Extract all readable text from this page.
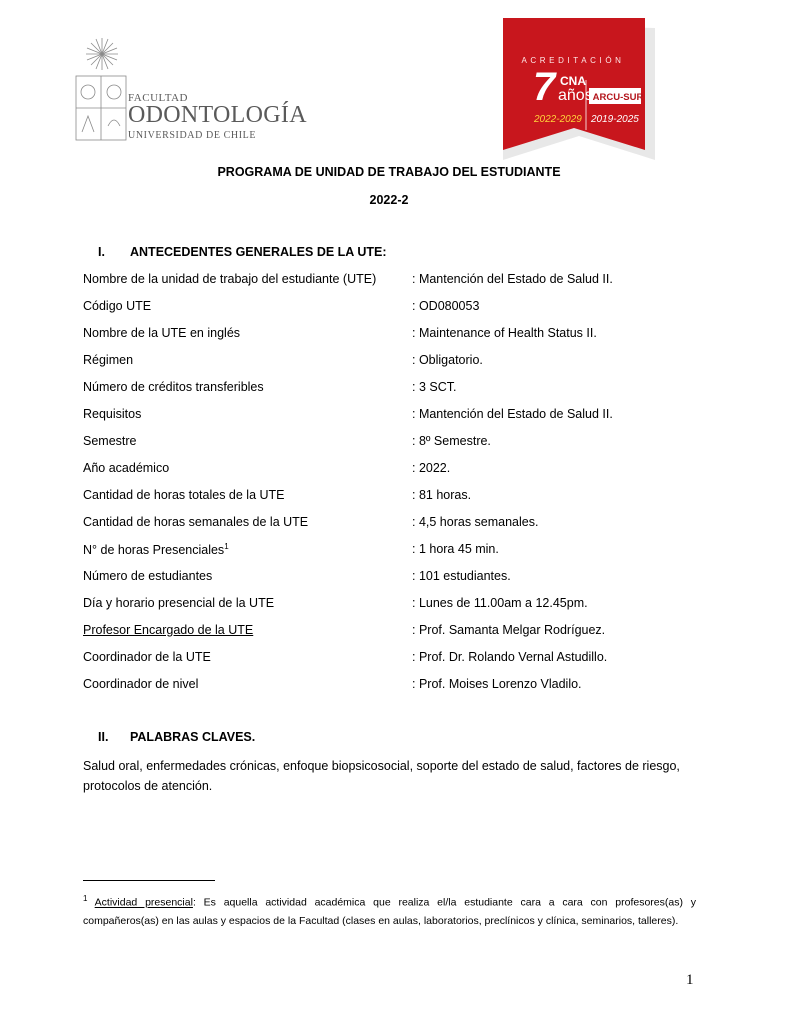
FACULTAD
ODONTOLOGÍA
UNIVERSIDAD DE CHILE
ACREDITACIÓN
7 CNA
años
2022-2029
ARCU-SUR
2019-2025
PROGRAMA DE UNIDAD DE TRABAJO DEL ESTUDIANTE
2022-2
I. ANTECEDENTES GENERALES DE LA UTE:
Nombre de la unidad de trabajo del estudiante (UTE)	: Mantención del Estado de Salud II.
Código UTE	: OD080053
Nombre de la UTE en inglés	: Maintenance of Health Status II.
Régimen	: Obligatorio.
Número de créditos transferibles	: 3 SCT.
Requisitos	: Mantención del Estado de Salud II.
Semestre	: 8º Semestre.
Año académico	: 2022.
Cantidad de horas totales de la UTE	: 81 horas.
Cantidad de horas semanales de la UTE	: 4,5 horas semanales.
N° de horas Presenciales$^1$	: 1 hora 45 min.
Número de estudiantes	: 101 estudiantes.
Día y horario presencial de la UTE	: Lunes de 11.00am a 12.45pm.
Profesor Encargado de la UTE	: Prof. Samanta Melgar Rodríguez.
Coordinador de la UTE	: Prof. Dr. Rolando Vernal Astudillo.
Coordinador de nivel	: Prof. Moises Lorenzo Vladilo.
II. PALABRAS CLAVES.
Salud oral, enfermedades crónicas, enfoque biopsicosocial, soporte del estado de salud, factores de riesgo, protocolos de atención.
$^1$ Actividad presencial: Es aquella actividad académica que realiza el/la estudiante cara a cara con profesores(as) y compañeros(as) en las aulas y espacios de la Facultad (clases en aulas, laboratorios, preclínicos y clínica, seminarios, talleres).
1
